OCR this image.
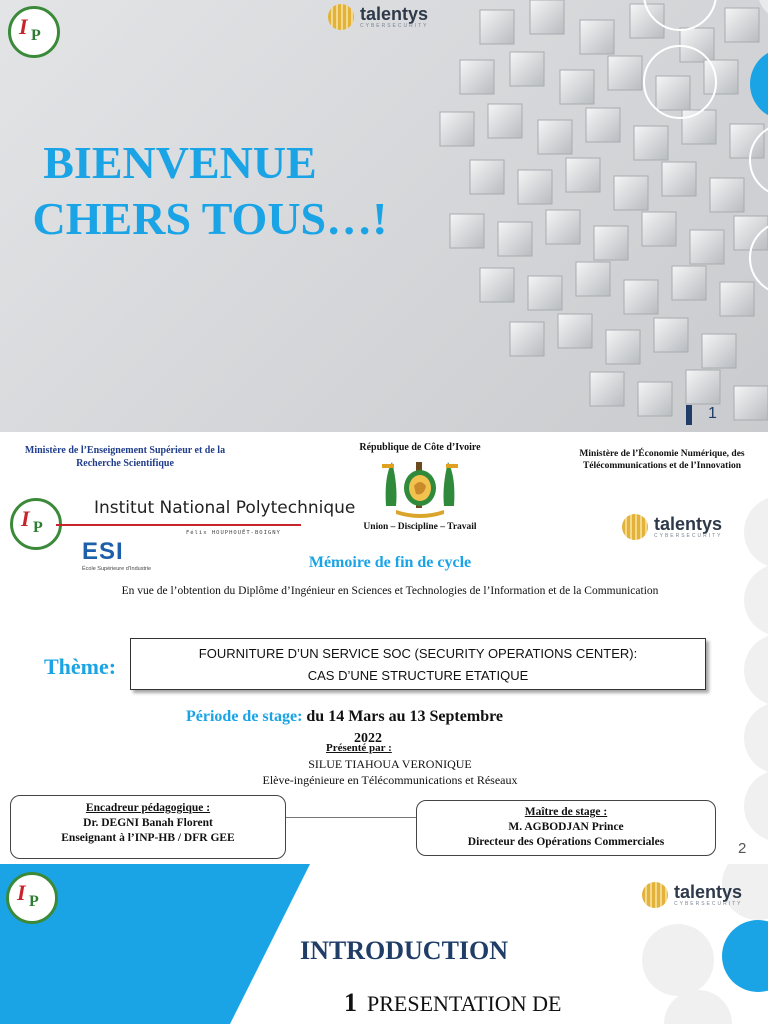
I P
talentys
CYBERSECURITY
BIENVENUE
CHERS TOUS…!
1
Ministère de l’Enseignement Supérieur et de la Recherche Scientifique
République de Côte d’Ivoire
Union – Discipline – Travail
Ministère de l’Économie Numérique, des Télécommunications et de l’Innovation
I P
Institut National Polytechnique
Félix HOUPHOUËT-BOIGNY
ESI
École Supérieure d’Industrie
talentys
CYBERSECURITY
Mémoire de fin de cycle
En vue de l’obtention du Diplôme d’Ingénieur en Sciences et Technologies de l’Information et de la Communication
Thème:
FOURNITURE D’UN SERVICE SOC (SECURITY OPERATIONS CENTER):
CAS D’UNE STRUCTURE ETATIQUE
Période de stage: du 14 Mars au 13 Septembre
2022
Présenté par :
SILUE TIAHOUA VERONIQUE
Elève-ingénieure en Télécommunications et Réseaux
Encadreur pédagogique :
Dr. DEGNI Banah Florent
Enseignant à l’INP-HB / DFR GEE
Maître de stage :
M. AGBODJAN Prince
Directeur des Opérations Commerciales	2
I P	talentys
CYBERSECURITY
INTRODUCTION
1 PRESENTATION DE
